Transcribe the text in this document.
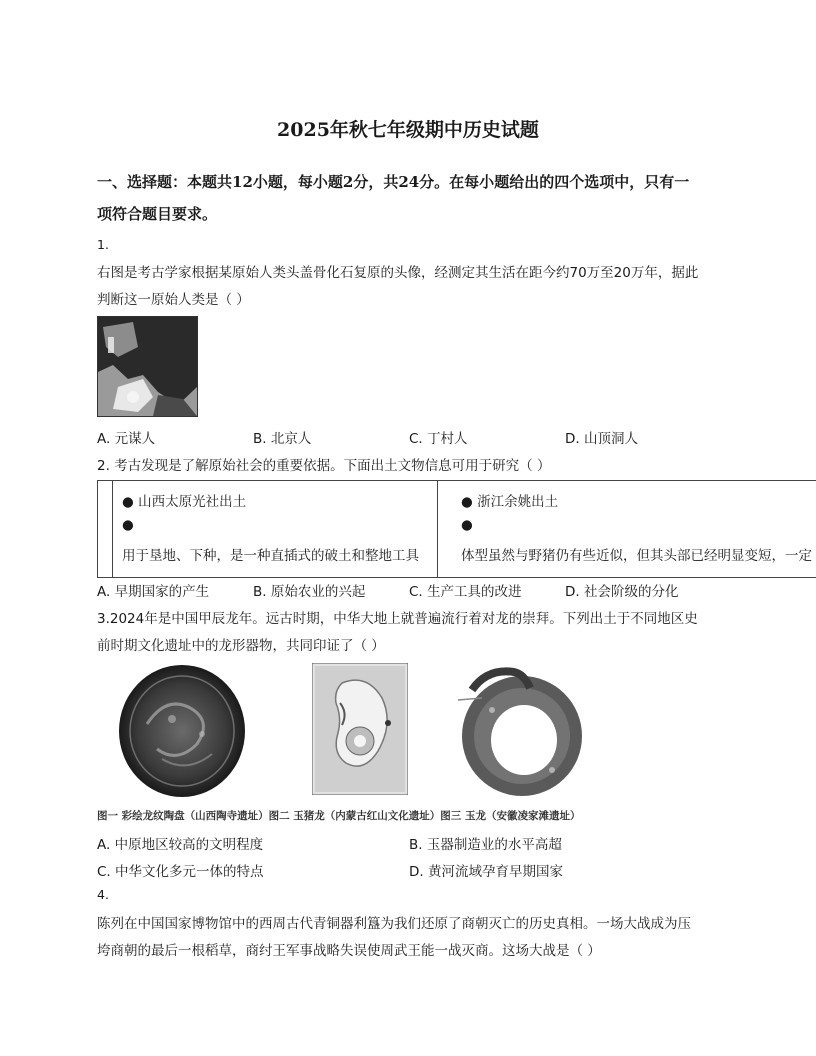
2025年秋七年级期中历史试题
一、选择题：本题共12小题，每小题2分，共24分。在每小题给出的四个选项中，只有一
项符合题目要求。
1.
右图是考古学家根据某原始人类头盖骨化石复原的头像，经测定其生活在距今约70万至20万年，据此
判断这一原始人类是（ ）
A. 元谋人	B. 北京人	C. 丁村人	D. 山顶洞人
2. 考古发现是了解原始社会的重要依据。下面出土文物信息可用于研究（ ）
● 山西太原光社出土
●
用于垦地、下种，是一种直插式的破土和整地工具
● 浙江余姚出土
●
体型虽然与野猪仍有些近似，但其头部已经明显变短，一定
A. 早期国家的产生	B. 原始农业的兴起	C. 生产工具的改进	D. 社会阶级的分化
3.2024年是中国甲辰龙年。远古时期，中华大地上就普遍流行着对龙的崇拜。下列出土于不同地区史
前时期文化遗址中的龙形器物，共同印证了（ ）
图一 彩绘龙纹陶盘（山西陶寺遗址）图二 玉猪龙（内蒙古红山文化遗址）图三 玉龙（安徽凌家滩遗址）
A. 中原地区较高的文明程度	B. 玉器制造业的水平高超
C. 中华文化多元一体的特点	D. 黄河流域孕育早期国家
4.
陈列在中国国家博物馆中的西周古代青铜器利簋为我们还原了商朝灭亡的历史真相。一场大战成为压
垮商朝的最后一根稻草，商纣王军事战略失误使周武王能一战灭商。这场大战是（ ）
